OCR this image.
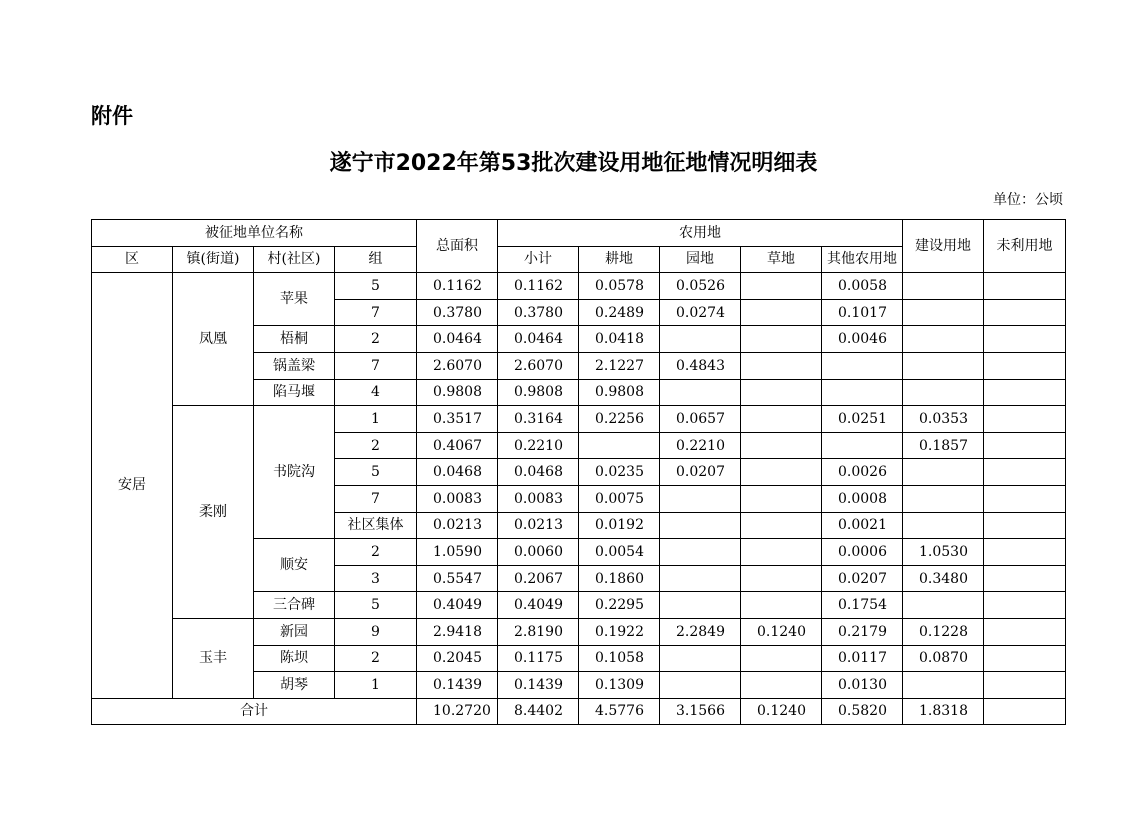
附件
遂宁市2022年第53批次建设用地征地情况明细表
单位：公顷
被征地单位名称				总面积	农用地					建设用地	未利用地
区	镇(街道)	村(社区)	组		小计	耕地	园地	草地	其他农用地		
安居	凤凰	苹果	5	0.1162	0.1162	0.0578	0.0526		0.0058		
			7	0.3780	0.3780	0.2489	0.0274		0.1017		
		梧桐	2	0.0464	0.0464	0.0418			0.0046		
		锅盖梁	7	2.6070	2.6070	2.1227	0.4843				
		陷马堰	4	0.9808	0.9808	0.9808					
	柔刚	书院沟	1	0.3517	0.3164	0.2256	0.0657		0.0251	0.0353	
			2	0.4067	0.2210		0.2210			0.1857	
			5	0.0468	0.0468	0.0235	0.0207		0.0026		
			7	0.0083	0.0083	0.0075			0.0008		
			社区集体	0.0213	0.0213	0.0192			0.0021		
		顺安	2	1.0590	0.0060	0.0054			0.0006	1.0530	
			3	0.5547	0.2067	0.1860			0.0207	0.3480	
		三合碑	5	0.4049	0.4049	0.2295			0.1754		
	玉丰	新园	9	2.9418	2.8190	0.1922	2.2849	0.1240	0.2179	0.1228	
		陈坝	2	0.2045	0.1175	0.1058			0.0117	0.0870	
		胡琴	1	0.1439	0.1439	0.1309			0.0130		
合计				10.2720	8.4402	4.5776	3.1566	0.1240	0.5820	1.8318	
